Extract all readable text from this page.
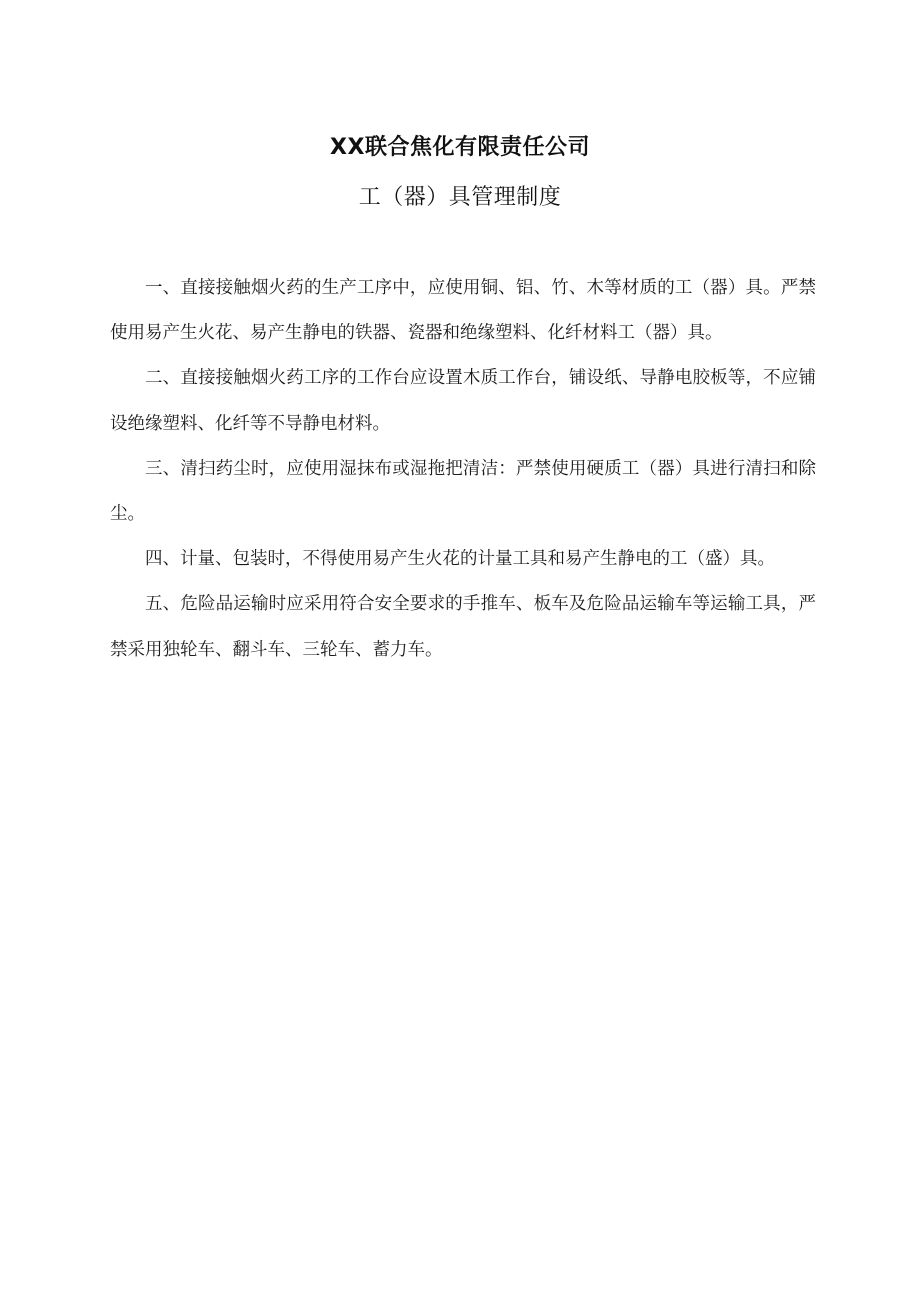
XX联合焦化有限责任公司
工（器）具管理制度

一、直接接触烟火药的生产工序中，应使用铜、铝、竹、木等材质的工（器）具。严禁使用易产生火花、易产生静电的铁器、瓷器和绝缘塑料、化纤材料工（器）具。

二、直接接触烟火药工序的工作台应设置木质工作台，铺设纸、导静电胶板等，不应铺设绝缘塑料、化纤等不导静电材料。

三、清扫药尘时，应使用湿抹布或湿拖把清洁：严禁使用硬质工（器）具进行清扫和除尘。

四、计量、包装时，不得使用易产生火花的计量工具和易产生静电的工（盛）具。

五、危险品运输时应采用符合安全要求的手推车、板车及危险品运输车等运输工具，严禁采用独轮车、翻斗车、三轮车、蓄力车。
